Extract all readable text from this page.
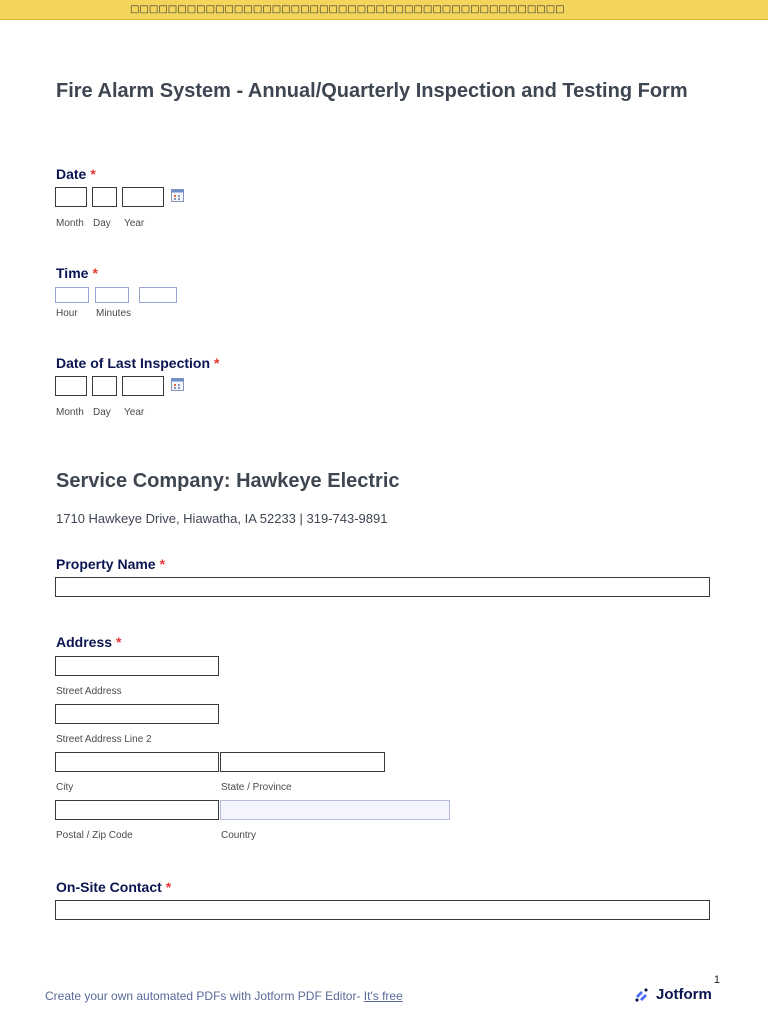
□□□□□□□□□□□□□□□□□□□□□□□□□□□□□□□□□□□□□□□□□□□□□□
Fire Alarm System - Annual/Quarterly Inspection and Testing Form
Date *
Month Day Year
Time *
Hour Minutes
Date of Last Inspection *
Month Day Year
Service Company: Hawkeye Electric
1710 Hawkeye Drive, Hiawatha, IA 52233 | 319-743-9891
Property Name *
Address *
Street Address
Street Address Line 2
City	State / Province
Postal / Zip Code	Country
On-Site Contact *
1
Create your own automated PDFs with Jotform PDF Editor- It's free	Jotform
